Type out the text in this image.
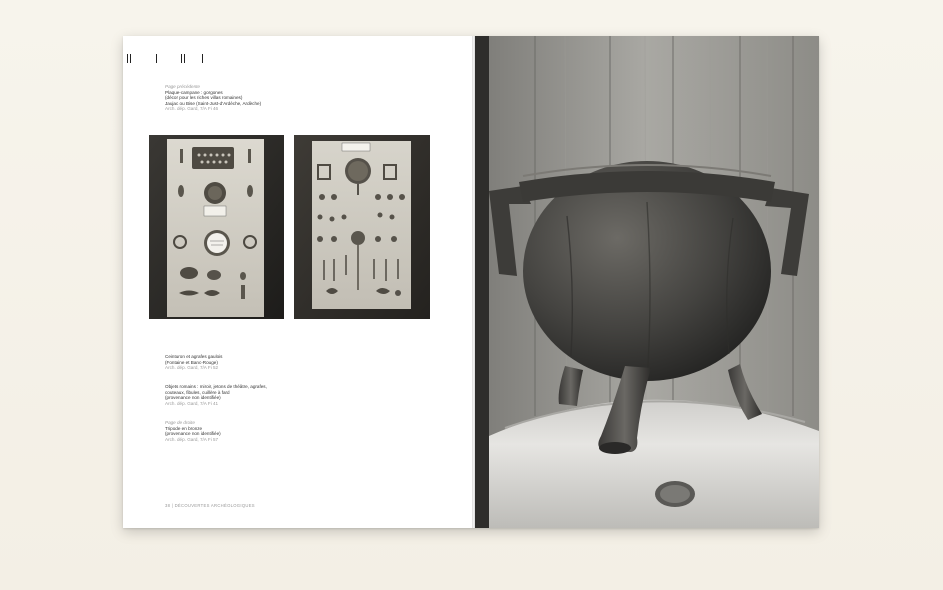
Page précédente
Plaque-campane : gorgones
(décor pour les riches villas romaines)
Jaujac ou Bise (Saint-Just-d'Ardèche, Ardèche)
Arch. dép. Gard, 7/A Fi 46
Ceinturon et agrafes gaulois
(Fontaine et Banc-Rouge)
Arch. dép. Gard, 7/A Fi 52
Objets romains : miroir, jetons de théâtre, agrafes,
couteaux, fibules, cuillère à fard
(provenance non identifiée)
Arch. dép. Gard, 7/A Fi 41
Page de droite
Tripode en bronze
(provenance non identifiée)
Arch. dép. Gard, 7/A Fi 57
38 | DÉCOUVERTES ARCHÉOLOGIQUES
